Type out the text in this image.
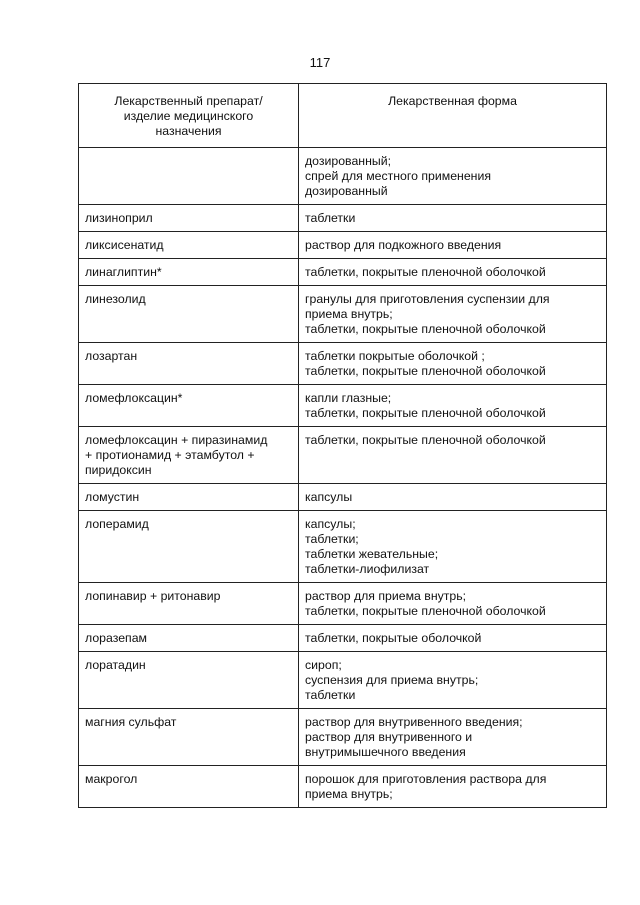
117
Лекарственный препарат/
изделие медицинского
назначения	Лекарственная форма

	дозированный;
спрей для местного применения
дозированный

лизиноприл	таблетки

ликсисенатид	раствор для подкожного введения

линаглиптин*	таблетки, покрытые пленочной оболочкой

линезолид	гранулы для приготовления суспензии для
приема внутрь;
таблетки, покрытые пленочной оболочкой

лозартан	таблетки покрытые оболочкой ;
таблетки, покрытые пленочной оболочкой

ломефлоксацин*	капли глазные;
таблетки, покрытые пленочной оболочкой

ломефлоксацин + пиразинамид
+ протионамид + этамбутол +
пиридоксин	таблетки, покрытые пленочной оболочкой

ломустин	капсулы

лоперамид	капсулы;
таблетки;
таблетки жевательные;
таблетки-лиофилизат

лопинавир + ритонавир	раствор для приема внутрь;
таблетки, покрытые пленочной оболочкой

лоразепам	таблетки, покрытые оболочкой

лоратадин	сироп;
суспензия для приема внутрь;
таблетки

магния сульфат	раствор для внутривенного введения;
раствор для внутривенного и
внутримышечного введения

макрогол	порошок для приготовления раствора для
приема внутрь;
